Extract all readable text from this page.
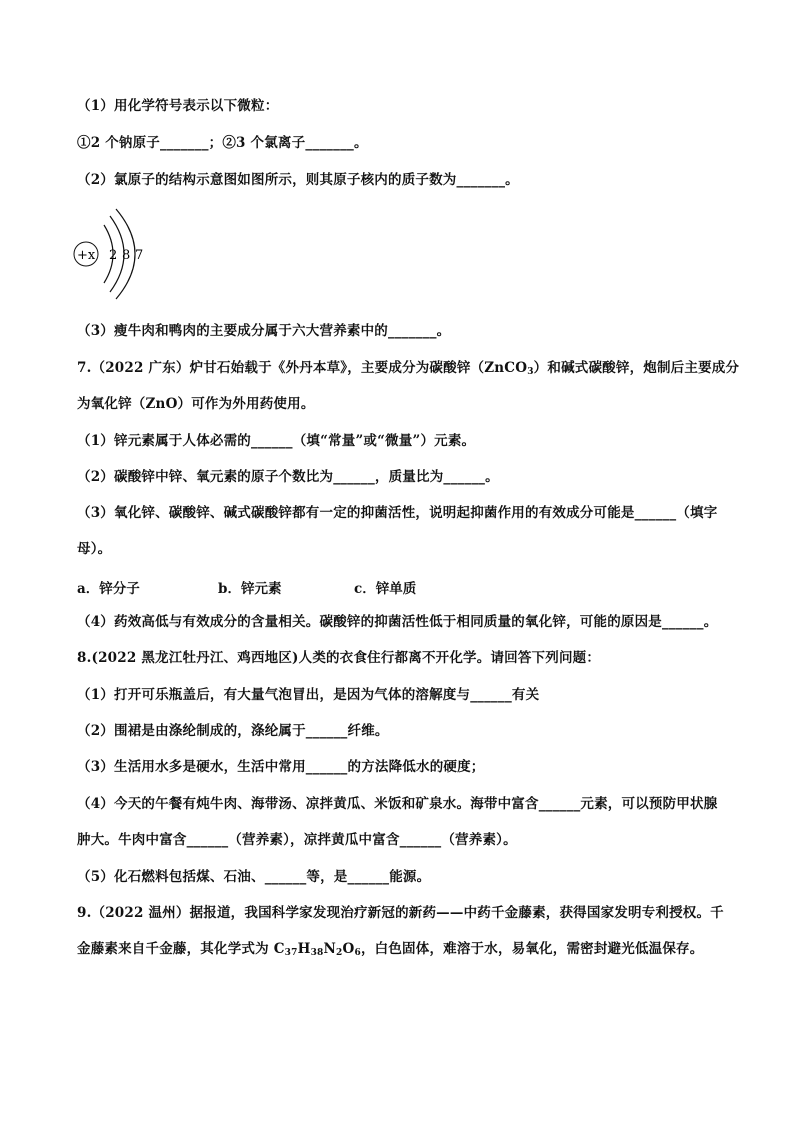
（1）用化学符号表示以下微粒：
①2 个钠原子_______；②3 个氯离子_______。
（2）氯原子的结构示意图如图所示，则其原子核内的质子数为_______。
+x 2 8 7
（3）瘦牛肉和鸭肉的主要成分属于六大营养素中的_______。
7.（2022 广东）炉甘石始载于《外丹本草》，主要成分为碳酸锌（ZnCO$_3$）和碱式碳酸锌，炮制后主要成分
为氧化锌（ZnO）可作为外用药使用。
（1）锌元素属于人体必需的______（填“常量”或“微量”）元素。
（2）碳酸锌中锌、氧元素的原子个数比为______，质量比为______。
（3）氧化锌、碳酸锌、碱式碳酸锌都有一定的抑菌活性，说明起抑菌作用的有效成分可能是______（填字
母）。
a．锌分子	b．锌元素	c．锌单质
（4）药效高低与有效成分的含量相关。碳酸锌的抑菌活性低于相同质量的氧化锌，可能的原因是______。
8.(2022 黑龙江牡丹江、鸡西地区)人类的衣食住行都离不开化学。请回答下列问题：
（1）打开可乐瓶盖后，有大量气泡冒出，是因为气体的溶解度与______有关
（2）围裙是由涤纶制成的，涤纶属于______纤维。
（3）生活用水多是硬水，生活中常用______的方法降低水的硬度；
（4）今天的午餐有炖牛肉、海带汤、凉拌黄瓜、米饭和矿泉水。海带中富含______元素，可以预防甲状腺
肿大。牛肉中富含______（营养素），凉拌黄瓜中富含______（营养素）。
（5）化石燃料包括煤、石油、______等，是______能源。
9.（2022 温州）据报道，我国科学家发现治疗新冠的新药——中药千金藤素，获得国家发明专利授权。千
金藤素来自千金藤，其化学式为 $C_{37}H_{38}N_2O_6$，白色固体，难溶于水，易氧化，需密封避光低温保存。
